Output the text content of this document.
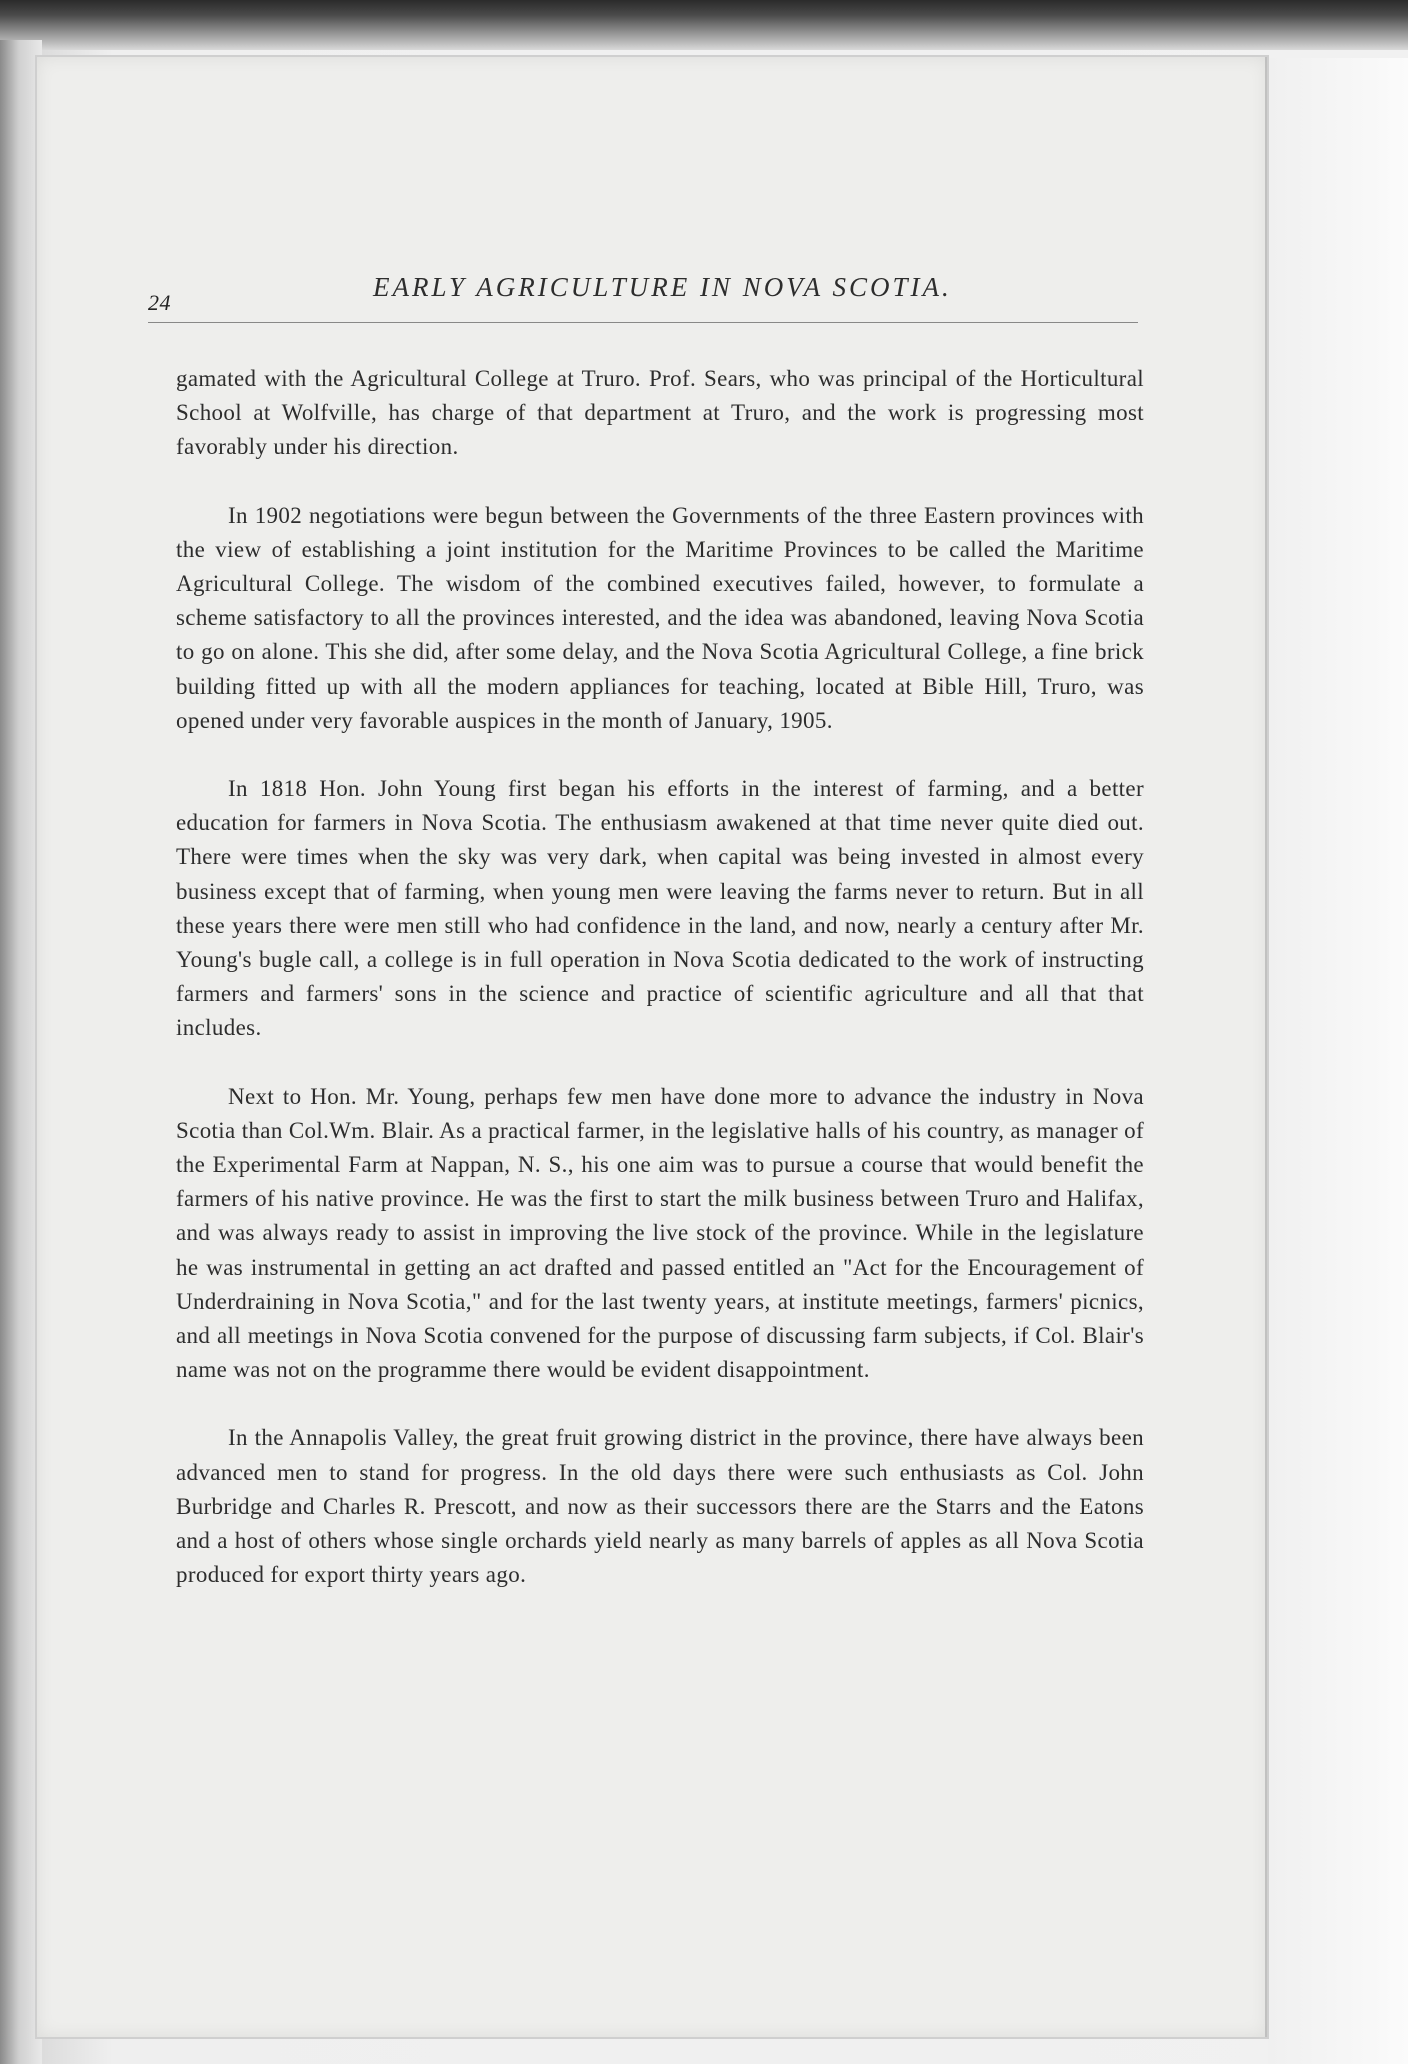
24
EARLY AGRICULTURE IN NOVA SCOTIA.

gamated with the Agricultural College at Truro. Prof. Sears, who was principal of the Horticultural School at Wolfville, has charge of that department at Truro, and the work is progressing most favorably under his direction.

In 1902 negotiations were begun between the Governments of the three Eastern provinces with the view of establishing a joint institution for the Maritime Provinces to be called the Maritime Agricultural College. The wisdom of the combined executives failed, however, to formulate a scheme satisfactory to all the provinces interested, and the idea was abandoned, leaving Nova Scotia to go on alone. This she did, after some delay, and the Nova Scotia Agricultural College, a fine brick building fitted up with all the modern appliances for teaching, located at Bible Hill, Truro, was opened under very favorable auspices in the month of January, 1905.

In 1818 Hon. John Young first began his efforts in the interest of farming, and a better education for farmers in Nova Scotia. The enthusiasm awakened at that time never quite died out. There were times when the sky was very dark, when capital was being invested in almost every business except that of farming, when young men were leaving the farms never to return. But in all these years there were men still who had confidence in the land, and now, nearly a century after Mr. Young's bugle call, a college is in full operation in Nova Scotia dedicated to the work of instructing farmers and farmers' sons in the science and practice of scientific agriculture and all that that includes.

Next to Hon. Mr. Young, perhaps few men have done more to advance the industry in Nova Scotia than Col.Wm. Blair. As a practical farmer, in the legislative halls of his country, as manager of the Experimental Farm at Nappan, N. S., his one aim was to pursue a course that would benefit the farmers of his native province. He was the first to start the milk business between Truro and Halifax, and was always ready to assist in improving the live stock of the province. While in the legislature he was instrumental in getting an act drafted and passed entitled an "Act for the Encouragement of Underdraining in Nova Scotia," and for the last twenty years, at institute meetings, farmers' picnics, and all meetings in Nova Scotia convened for the purpose of discussing farm subjects, if Col. Blair's name was not on the programme there would be evident disappointment.

In the Annapolis Valley, the great fruit growing district in the province, there have always been advanced men to stand for progress. In the old days there were such enthusiasts as Col. John Burbridge and Charles R. Prescott, and now as their successors there are the Starrs and the Eatons and a host of others whose single orchards yield nearly as many barrels of apples as all Nova Scotia produced for export thirty years ago.
